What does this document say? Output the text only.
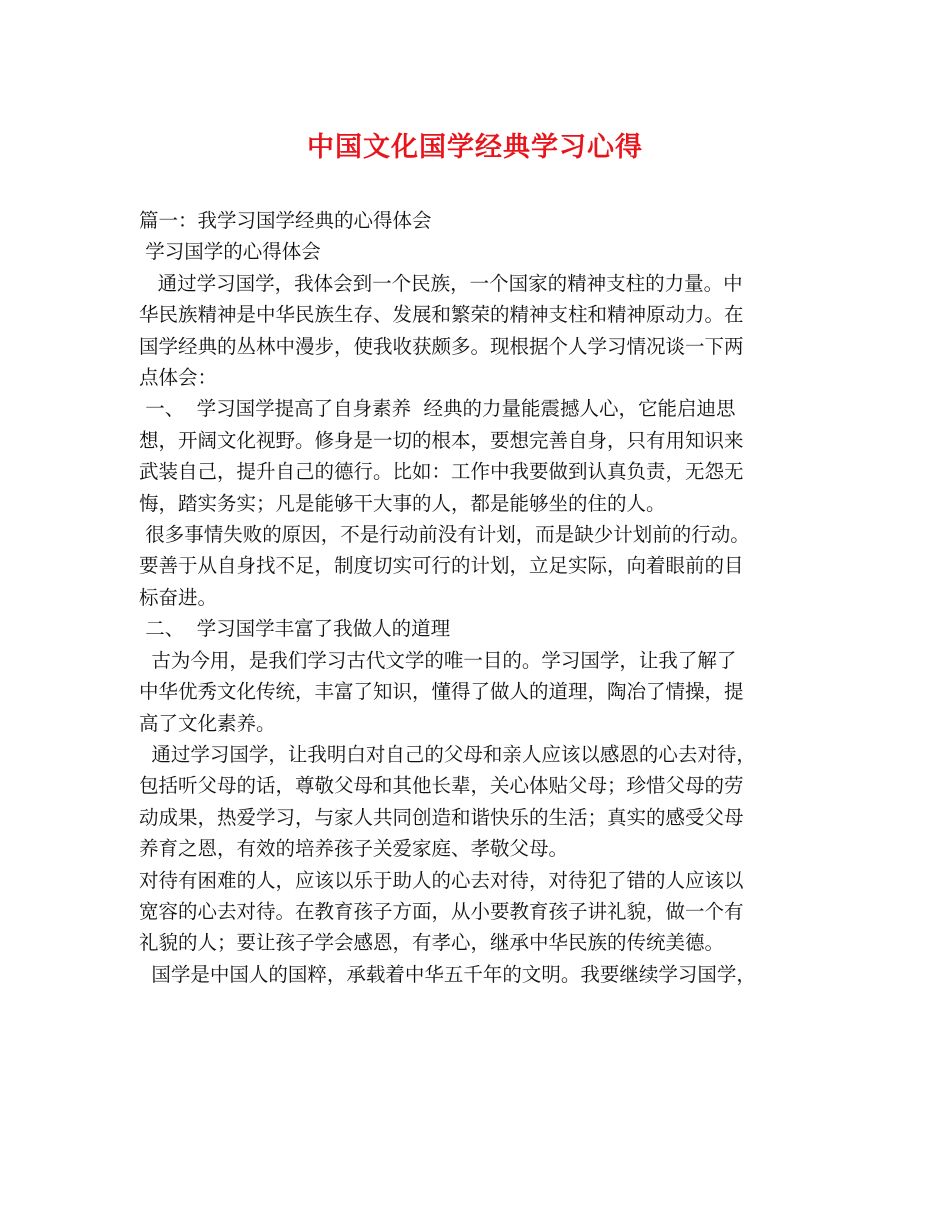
中国文化国学经典学习心得
篇一：我学习国学经典的心得体会
学习国学的心得体会
通过学习国学，我体会到一个民族，一个国家的精神支柱的力量。中
华民族精神是中华民族生存、发展和繁荣的精神支柱和精神原动力。在
国学经典的丛林中漫步，使我收获颇多。现根据个人学习情况谈一下两
点体会：
一、  学习国学提高了自身素养  经典的力量能震撼人心，它能启迪思
想，开阔文化视野。修身是一切的根本，要想完善自身，只有用知识来
武装自己，提升自己的德行。比如：工作中我要做到认真负责，无怨无
悔，踏实务实；凡是能够干大事的人，都是能够坐的住的人。
很多事情失败的原因，不是行动前没有计划，而是缺少计划前的行动。
要善于从自身找不足，制度切实可行的计划，立足实际，向着眼前的目
标奋进。
二、  学习国学丰富了我做人的道理
古为今用，是我们学习古代文学的唯一目的。学习国学，让我了解了
中华优秀文化传统，丰富了知识，懂得了做人的道理，陶冶了情操，提
高了文化素养。
通过学习国学，让我明白对自己的父母和亲人应该以感恩的心去对待，
包括听父母的话，尊敬父母和其他长辈，关心体贴父母；珍惜父母的劳
动成果，热爱学习，与家人共同创造和谐快乐的生活；真实的感受父母
养育之恩，有效的培养孩子关爱家庭、孝敬父母。
对待有困难的人，应该以乐于助人的心去对待，对待犯了错的人应该以
宽容的心去对待。在教育孩子方面，从小要教育孩子讲礼貌，做一个有
礼貌的人；要让孩子学会感恩，有孝心，继承中华民族的传统美德。
国学是中国人的国粹，承载着中华五千年的文明。我要继续学习国学，
